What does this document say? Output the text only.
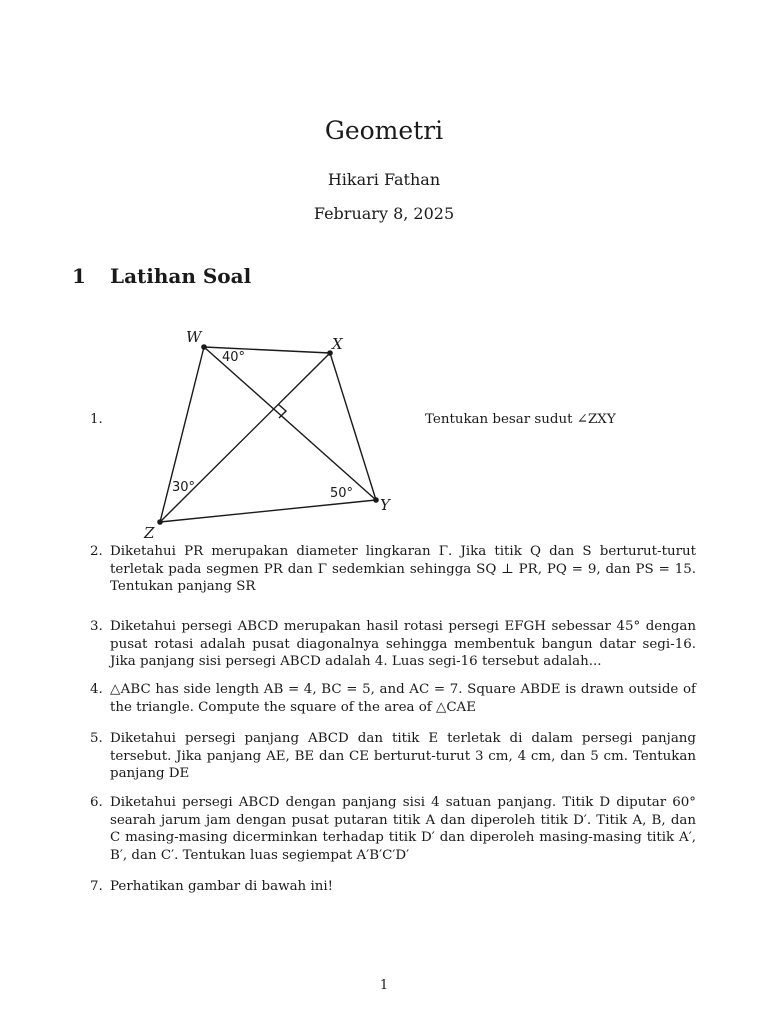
Geometri
Hikari Fathan
February 8, 2025
1 Latihan Soal
1.
W	X
Y
Z
40°
30°	50°
Tentukan besar sudut ∠ZXY
2. Diketahui PR merupakan diameter lingkaran Γ. Jika titik Q dan S berturut-turut terletak pada segmen PR dan Γ sedemkian sehingga SQ ⊥ PR, PQ = 9, dan PS = 15. Tentukan panjang SR
3. Diketahui persegi ABCD merupakan hasil rotasi persegi EFGH sebessar 45° dengan pusat rotasi adalah pusat diagonalnya sehingga membentuk bangun datar segi-16. Jika panjang sisi persegi ABCD adalah 4. Luas segi-16 tersebut adalah...
4. △ABC has side length AB = 4, BC = 5, and AC = 7. Square ABDE is drawn outside of the triangle. Compute the square of the area of △CAE
5. Diketahui persegi panjang ABCD dan titik E terletak di dalam persegi panjang tersebut. Jika panjang AE, BE dan CE berturut-turut 3 cm, 4 cm, dan 5 cm. Tentukan panjang DE
6. Diketahui persegi ABCD dengan panjang sisi 4 satuan panjang. Titik D diputar 60° searah jarum jam dengan pusat putaran titik A dan diperoleh titik D′. Titik A, B, dan C masing-masing dicerminkan terhadap titik D′ dan diperoleh masing-masing titik A′, B′, dan C′. Tentukan luas segiempat A′B′C′D′
7. Perhatikan gambar di bawah ini!
1
